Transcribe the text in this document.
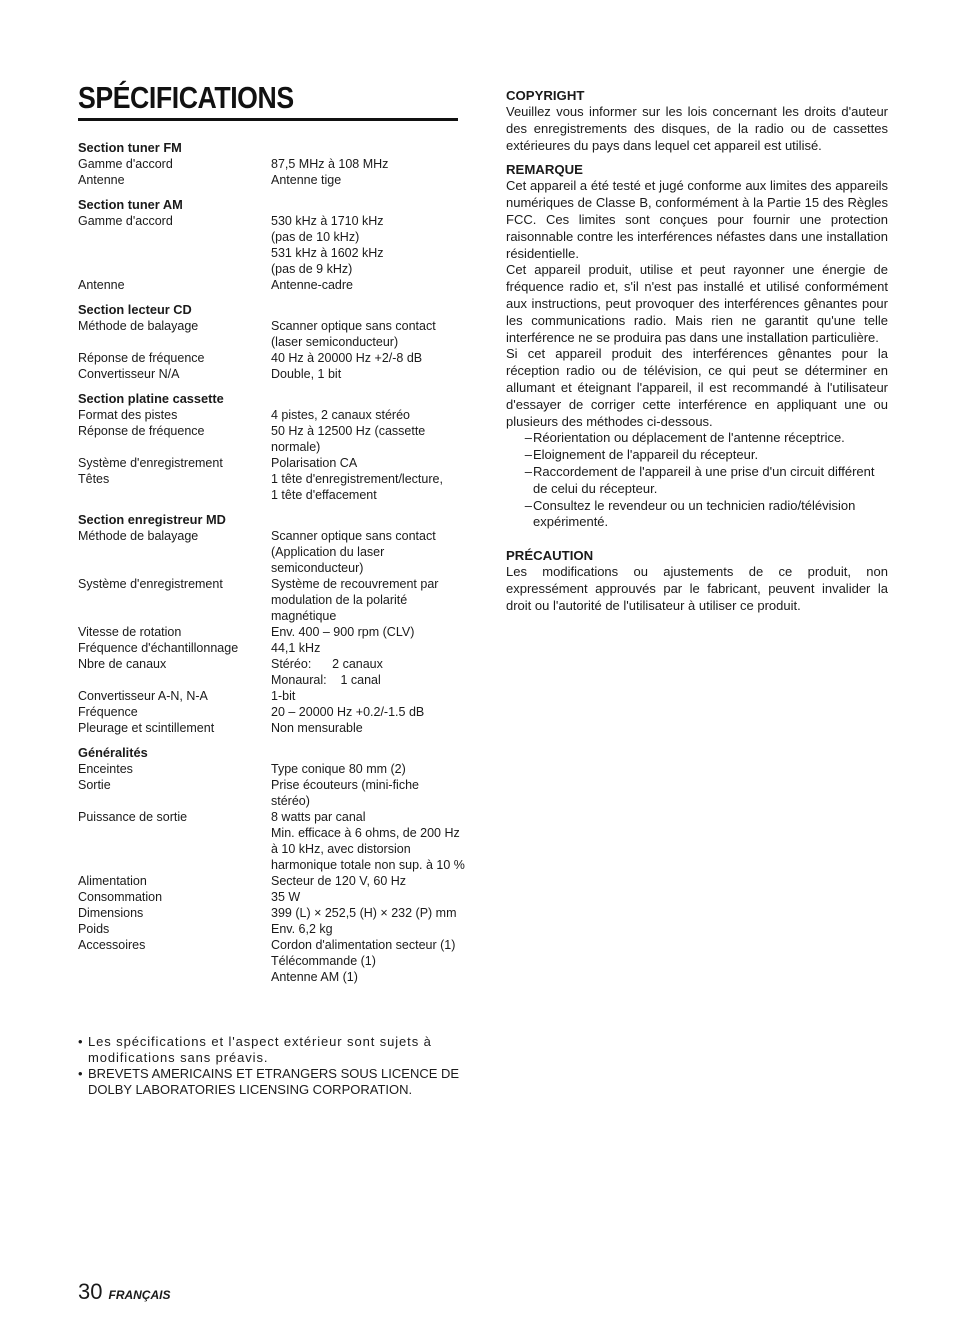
SPÉCIFICATIONS
Section tuner FM
Gamme d'accord	87,5 MHz à 108 MHz
Antenne	Antenne tige
Section tuner AM
Gamme d'accord	530 kHz à 1710 kHz
(pas de 10 kHz)
531 kHz à 1602 kHz
(pas de 9 kHz)
Antenne	Antenne-cadre
Section lecteur CD
Méthode de balayage	Scanner optique sans contact
(laser semiconducteur)
Réponse de fréquence	40 Hz à 20000 Hz +2/-8 dB
Convertisseur N/A	Double, 1 bit
Section platine cassette
Format des pistes	4 pistes, 2 canaux stéréo
Réponse de fréquence	50 Hz à 12500 Hz (cassette
normale)
Système d'enregistrement	Polarisation CA
Têtes	1 tête d'enregistrement/lecture,
1 tête d'effacement
Section enregistreur MD
Méthode de balayage	Scanner optique sans contact
(Application du laser
semiconducteur)
Système d'enregistrement	Système de recouvrement par
modulation de la polarité
magnétique
Vitesse de rotation	Env. 400 – 900 rpm (CLV)
Fréquence d'échantillonnage	44,1 kHz
Nbre de canaux	Stéréo:      2 canaux
Monaural:    1 canal
Convertisseur A-N, N-A	1-bit
Fréquence	20 – 20000 Hz +0.2/-1.5 dB
Pleurage et scintillement	Non mensurable
Généralités
Enceintes	Type conique 80 mm (2)
Sortie	Prise écouteurs (mini-fiche
stéréo)
Puissance de sortie	8 watts par canal
Min. efficace à 6 ohms, de 200 Hz
à 10 kHz, avec distorsion
harmonique totale non sup. à 10 %
Alimentation	Secteur de 120 V, 60 Hz
Consommation	35 W
Dimensions	399 (L) × 252,5 (H) × 232 (P) mm
Poids	Env. 6,2 kg
Accessoires	Cordon d'alimentation secteur (1)
Télécommande (1)
Antenne AM (1)
• Les spécifications et l'aspect extérieur sont sujets à modifications sans préavis.
• BREVETS AMERICAINS ET ETRANGERS SOUS LICENCE DE DOLBY LABORATORIES LICENSING CORPORATION.
COPYRIGHT
Veuillez vous informer sur les lois concernant les droits d'auteur des enregistrements des disques, de la radio ou de cassettes extérieures du pays dans lequel cet appareil est utilisé.
REMARQUE
Cet appareil a été testé et jugé conforme aux limites des appareils numériques de Classe B, conformément à la Partie 15 des Règles FCC. Ces limites sont conçues pour fournir une protection raisonnable contre les interférences néfastes dans une installation résidentielle.
Cet appareil produit, utilise et peut rayonner une énergie de fréquence radio et, s'il n'est pas installé et utilisé conformément aux instructions, peut provoquer des interférences gênantes pour les communications radio. Mais rien ne garantit qu'une telle interférence ne se produira pas dans une installation particulière.
Si cet appareil produit des interférences gênantes pour la réception radio ou de télévision, ce qui peut se déterminer en allumant et éteignant l'appareil, il est recommandé à l'utilisateur d'essayer de corriger cette interférence en appliquant une ou plusieurs des méthodes ci-dessous.
– Réorientation ou déplacement de l'antenne réceptrice.
– Eloignement de l'appareil du récepteur.
– Raccordement de l'appareil à une prise d'un circuit différent de celui du récepteur.
– Consultez le revendeur ou un technicien radio/télévision expérimenté.
PRÉCAUTION
Les modifications ou ajustements de ce produit, non expressément approuvés par le fabricant, peuvent invalider la droit ou l'autorité de l'utilisateur à utiliser ce produit.
30 FRANÇAIS
